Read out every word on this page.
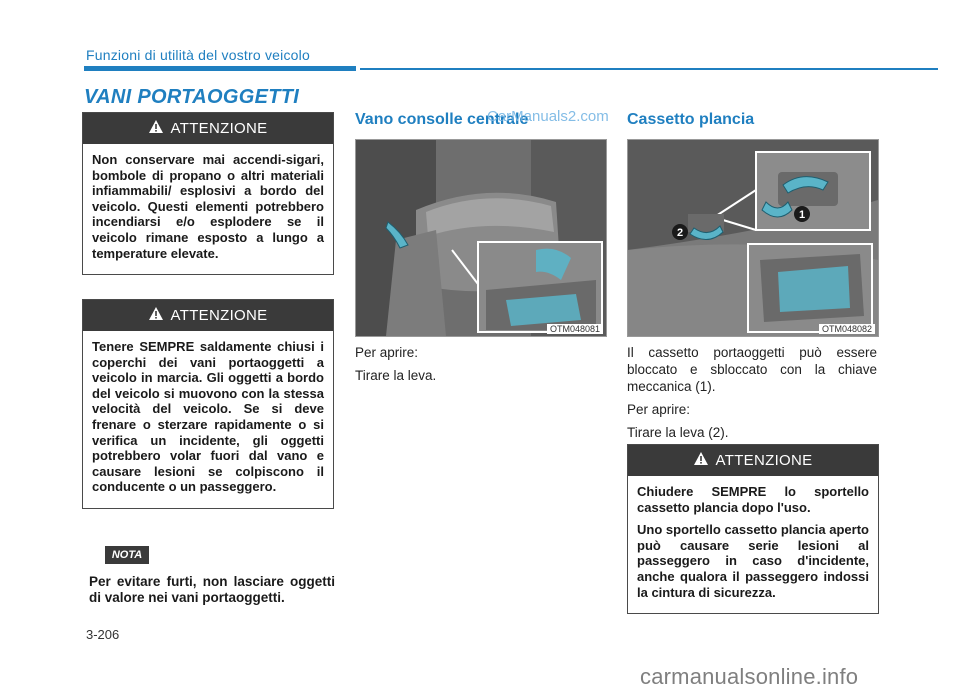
Funzioni di utilità del vostro veicolo
VANI PORTAOGGETTI
ATTENZIONE

Non conservare mai accendi-sigari, bombole di propano o altri materiali infiammabili/ esplosivi a bordo del veicolo. Questi elementi potrebbero incendiarsi e/o esplodere se il veicolo rimane esposto a lungo a temperature elevate.

ATTENZIONE

Tenere SEMPRE saldamente chiusi i coperchi dei vani portaoggetti a veicolo in marcia. Gli oggetti a bordo del veicolo si muovono con la stessa velocità del veicolo. Se si deve frenare o sterzare rapidamente o si verifica un incidente, gli oggetti potrebbero volar fuori dal vano e causare lesioni se colpiscono il conducente o un passeggero.

NOTA
Per evitare furti, non lasciare oggetti di valore nei vani portaoggetti.
3-206
Vano consolle centrale
CarManuals2.com
OTM048081

Per aprire:

Tirare la leva.

Cassetto plancia
1
2
OTM048082

Il cassetto portaoggetti può essere bloccato e sbloccato con la chiave meccanica (1).

Per aprire:

Tirare la leva (2).

ATTENZIONE

Chiudere SEMPRE lo sportello cassetto plancia dopo l'uso.

Uno sportello cassetto plancia aperto può causare serie lesioni al passeggero in caso d'incidente, anche qualora il passeggero indossi la cintura di sicurezza.

carmanualsonline.info
